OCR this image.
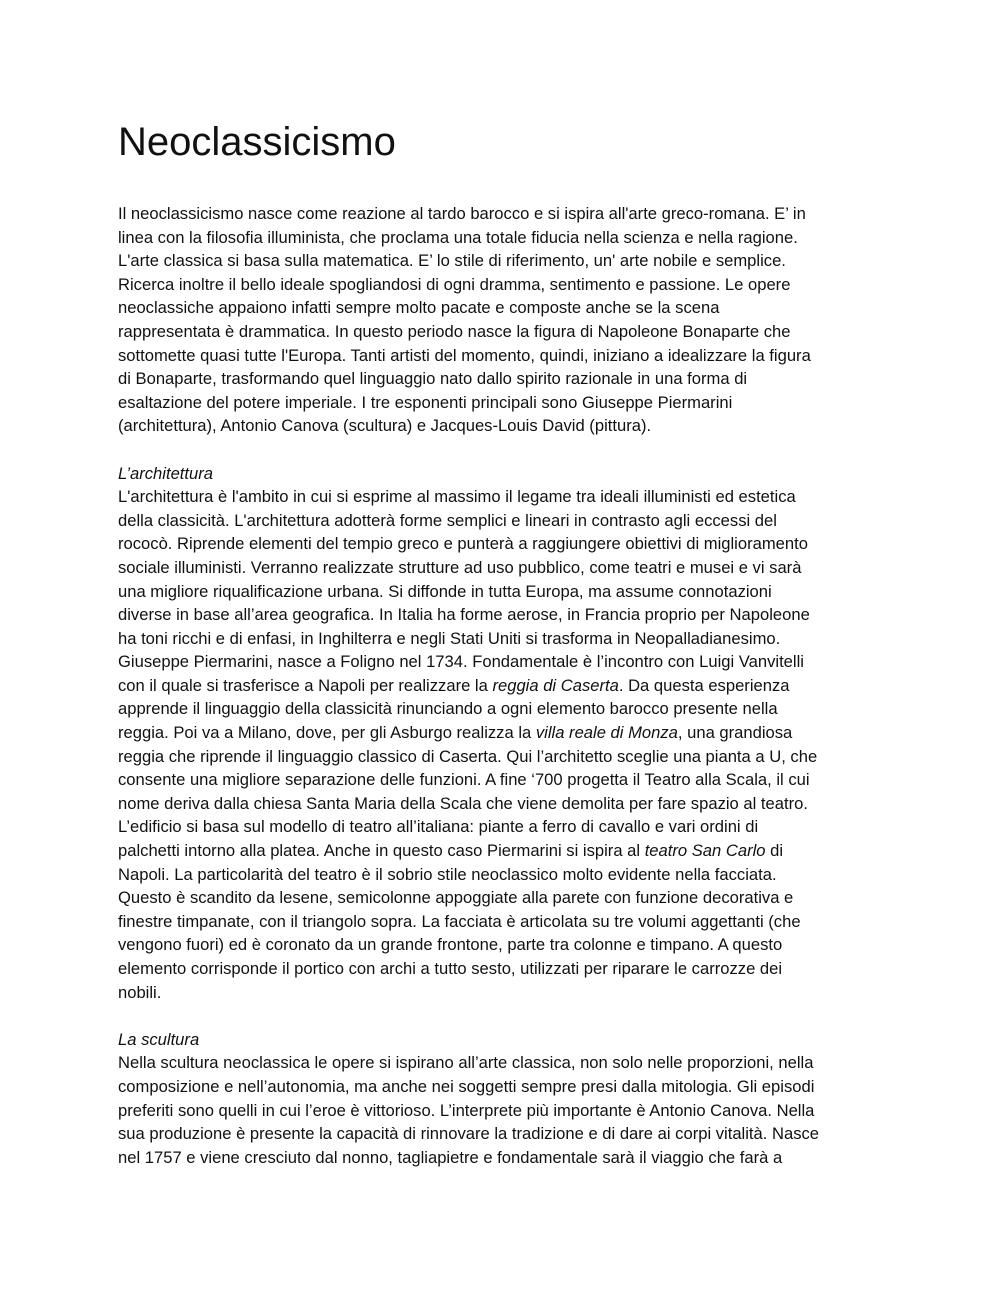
Neoclassicismo
Il neoclassicismo nasce come reazione al tardo barocco e si ispira all'arte greco-romana. E’ in
linea con la filosofia illuminista, che proclama una totale fiducia nella scienza e nella ragione.
L'arte classica si basa sulla matematica. E’ lo stile di riferimento, un' arte nobile e semplice.
Ricerca inoltre il bello ideale spogliandosi di ogni dramma, sentimento e passione. Le opere
neoclassiche appaiono infatti sempre molto pacate e composte anche se la scena
rappresentata è drammatica. In questo periodo nasce la figura di Napoleone Bonaparte che
sottomette quasi tutte l'Europa. Tanti artisti del momento, quindi, iniziano a idealizzare la figura
di Bonaparte, trasformando quel linguaggio nato dallo spirito razionale in una forma di
esaltazione del potere imperiale. I tre esponenti principali sono Giuseppe Piermarini
(architettura), Antonio Canova (scultura) e Jacques-Louis David (pittura).
L’architettura
L'architettura è l'ambito in cui si esprime al massimo il legame tra ideali illuministi ed estetica
della classicità. L'architettura adotterà forme semplici e lineari in contrasto agli eccessi del
rococò. Riprende elementi del tempio greco e punterà a raggiungere obiettivi di miglioramento
sociale illuministi. Verranno realizzate strutture ad uso pubblico, come teatri e musei e vi sarà
una migliore riqualificazione urbana. Si diffonde in tutta Europa, ma assume connotazioni
diverse in base all’area geografica. In Italia ha forme aerose, in Francia proprio per Napoleone
ha toni ricchi e di enfasi, in Inghilterra e negli Stati Uniti si trasforma in Neopalladianesimo.
Giuseppe Piermarini, nasce a Foligno nel 1734. Fondamentale è l’incontro con Luigi Vanvitelli
con il quale si trasferisce a Napoli per realizzare la reggia di Caserta. Da questa esperienza
apprende il linguaggio della classicità rinunciando a ogni elemento barocco presente nella
reggia. Poi va a Milano, dove, per gli Asburgo realizza la villa reale di Monza, una grandiosa
reggia che riprende il linguaggio classico di Caserta. Qui l’architetto sceglie una pianta a U, che
consente una migliore separazione delle funzioni. A fine ‘700 progetta il Teatro alla Scala, il cui
nome deriva dalla chiesa Santa Maria della Scala che viene demolita per fare spazio al teatro.
L’edificio si basa sul modello di teatro all’italiana: piante a ferro di cavallo e vari ordini di
palchetti intorno alla platea. Anche in questo caso Piermarini si ispira al teatro San Carlo di
Napoli. La particolarità del teatro è il sobrio stile neoclassico molto evidente nella facciata.
Questo è scandito da lesene, semicolonne appoggiate alla parete con funzione decorativa e
finestre timpanate, con il triangolo sopra. La facciata è articolata su tre volumi aggettanti (che
vengono fuori) ed è coronato da un grande frontone, parte tra colonne e timpano. A questo
elemento corrisponde il portico con archi a tutto sesto, utilizzati per riparare le carrozze dei
nobili.
La scultura
Nella scultura neoclassica le opere si ispirano all’arte classica, non solo nelle proporzioni, nella
composizione e nell’autonomia, ma anche nei soggetti sempre presi dalla mitologia. Gli episodi
preferiti sono quelli in cui l’eroe è vittorioso. L’interprete più importante è Antonio Canova. Nella
sua produzione è presente la capacità di rinnovare la tradizione e di dare ai corpi vitalità. Nasce
nel 1757 e viene cresciuto dal nonno, tagliapietre e fondamentale sarà il viaggio che farà a
